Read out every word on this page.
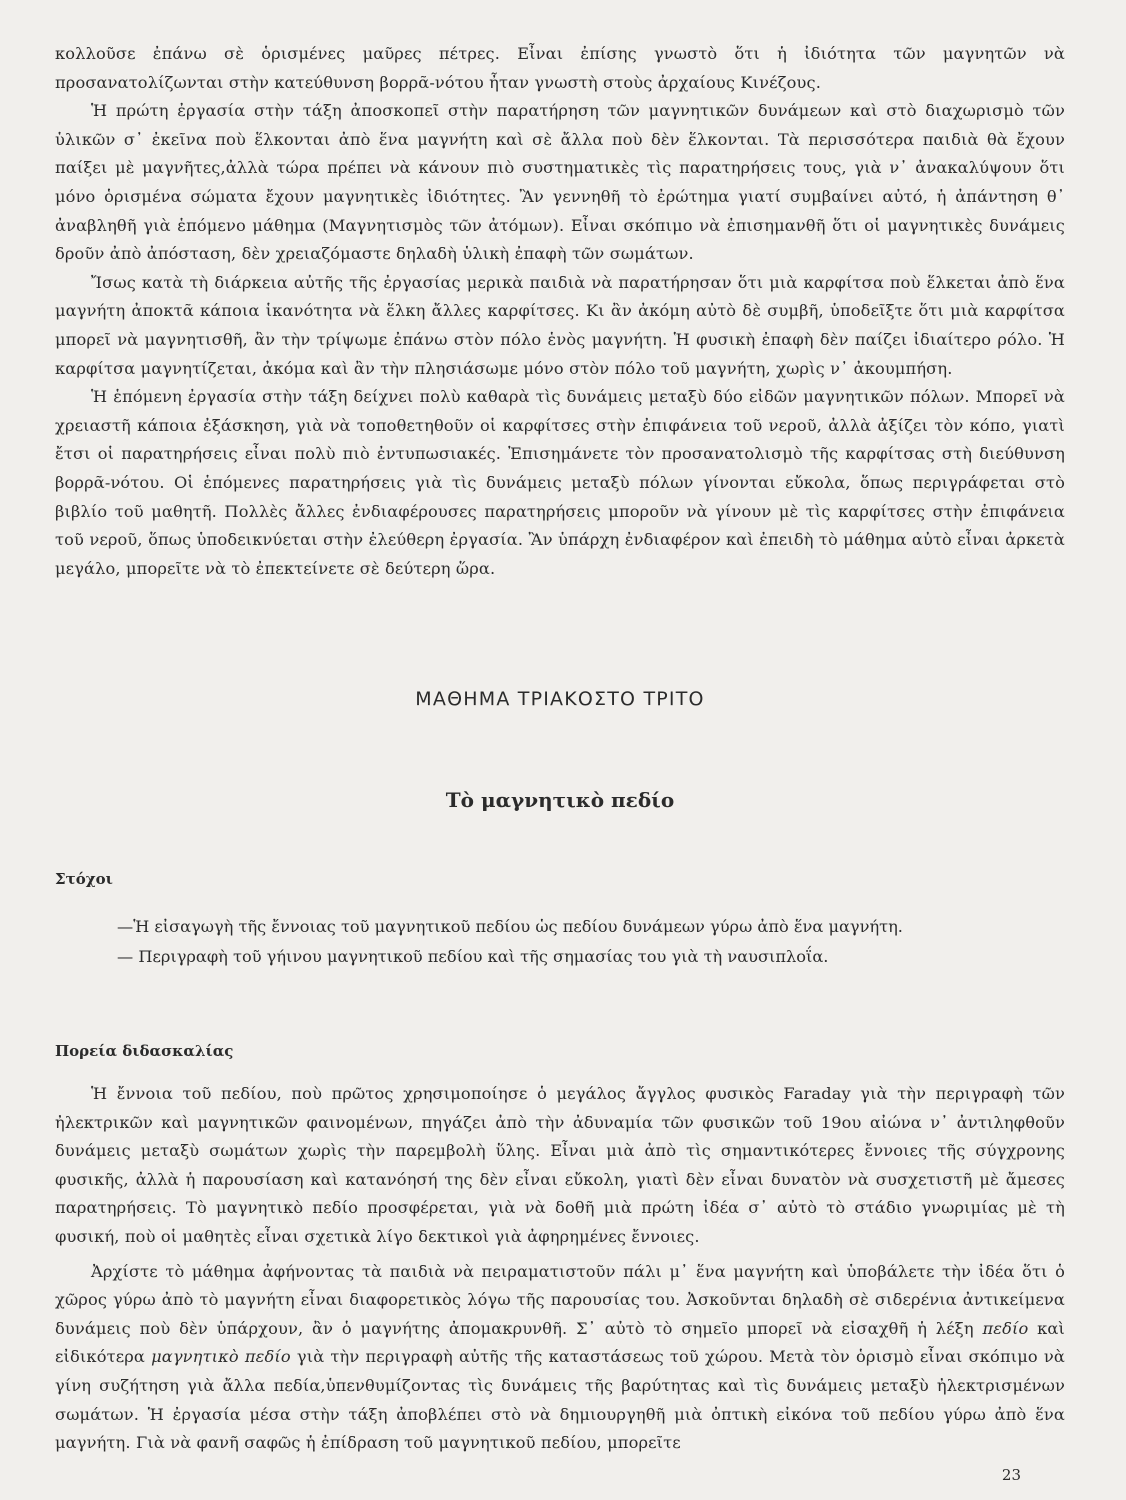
κολλοῦσε ἐπάνω σὲ ὁρισμένες μαῦρες πέτρες. Εἶναι ἐπίσης γνωστὸ ὅτι ἡ ἰδιότητα τῶν μαγνητῶν νὰ προσανατολίζωνται στὴν κατεύθυνση βορρᾶ-νότου ἦταν γνωστὴ στοὺς ἀρχαίους Κινέζους.

Ἡ πρώτη ἐργασία στὴν τάξη ἀποσκοπεῖ στὴν παρατήρηση τῶν μαγνητικῶν δυνάμεων καὶ στὸ διαχωρισμὸ τῶν ὑλικῶν σ᾽ ἐκεῖνα ποὺ ἕλκονται ἀπὸ ἕνα μαγνήτη καὶ σὲ ἄλλα ποὺ δὲν ἕλκονται. Τὰ περισσότερα παιδιὰ θὰ ἔχουν παίξει μὲ μαγνῆτες,ἀλλὰ τώρα πρέπει νὰ κάνουν πιὸ συστηματικὲς τὶς παρατηρήσεις τους, γιὰ ν᾽ ἀνακαλύψουν ὅτι μόνο ὁρισμένα σώματα ἔχουν μαγνητικὲς ἰδιότητες. Ἂν γεννηθῆ τὸ ἐρώτημα γιατί συμβαίνει αὐτό, ἡ ἀπάντηση θ᾽ ἀναβληθῆ γιὰ ἑπόμενο μάθημα (Μαγνητισμὸς τῶν ἀτόμων). Εἶναι σκόπιμο νὰ ἐπισημανθῆ ὅτι οἱ μαγνητικὲς δυνάμεις δροῦν ἀπὸ ἀπόσταση, δὲν χρειαζόμαστε δηλαδὴ ὑλικὴ ἐπαφὴ τῶν σωμάτων.

Ἴσως κατὰ τὴ διάρκεια αὐτῆς τῆς ἐργασίας μερικὰ παιδιὰ νὰ παρατήρησαν ὅτι μιὰ καρφίτσα ποὺ ἕλκεται ἀπὸ ἕνα μαγνήτη ἀποκτᾶ κάποια ἱκανότητα νὰ ἕλκη ἄλλες καρφίτσες. Κι ἂν ἀκόμη αὐτὸ δὲ συμβῆ, ὑποδεῖξτε ὅτι μιὰ καρφίτσα μπορεῖ νὰ μαγνητισθῆ, ἂν τὴν τρίψωμε ἐπάνω στὸν πόλο ἑνὸς μαγνήτη. Ἡ φυσικὴ ἐπαφὴ δὲν παίζει ἰδιαίτερο ρόλο. Ἡ καρφίτσα μαγνητίζεται, ἀκόμα καὶ ἂν τὴν πλησιάσωμε μόνο στὸν πόλο τοῦ μαγνήτη, χωρὶς ν᾽ ἀκουμπήση.

Ἡ ἑπόμενη ἐργασία στὴν τάξη δείχνει πολὺ καθαρὰ τὶς δυνάμεις μεταξὺ δύο εἰδῶν μαγνητικῶν πόλων. Μπορεῖ νὰ χρειαστῆ κάποια ἐξάσκηση, γιὰ νὰ τοποθετηθοῦν οἱ καρφίτσες στὴν ἐπιφάνεια τοῦ νεροῦ, ἀλλὰ ἀξίζει τὸν κόπο, γιατὶ ἔτσι οἱ παρατηρήσεις εἶναι πολὺ πιὸ ἐντυπωσιακές. Ἐπισημάνετε τὸν προσανατολισμὸ τῆς καρφίτσας στὴ διεύθυνση βορρᾶ-νότου. Οἱ ἑπόμενες παρατηρήσεις γιὰ τὶς δυνάμεις μεταξὺ πόλων γίνονται εὔκολα, ὅπως περιγράφεται στὸ βιβλίο τοῦ μαθητῆ. Πολλὲς ἄλλες ἐνδιαφέρουσες παρατηρήσεις μποροῦν νὰ γίνουν μὲ τὶς καρφίτσες στὴν ἐπιφάνεια τοῦ νεροῦ, ὅπως ὑποδεικνύεται στὴν ἐλεύθερη ἐργασία. Ἂν ὑπάρχη ἐνδιαφέρον καὶ ἐπειδὴ τὸ μάθημα αὐτὸ εἶναι ἀρκετὰ μεγάλο, μπορεῖτε νὰ τὸ ἐπεκτείνετε σὲ δεύτερη ὥρα.

ΜΑΘΗΜΑ ΤΡΙΑΚΟΣΤΟ ΤΡΙΤΟ
Τὸ μαγνητικὸ πεδίο
Στόχοι
—Ἡ εἰσαγωγὴ τῆς ἔννοιας τοῦ μαγνητικοῦ πεδίου ὡς πεδίου δυνάμεων γύρω ἀπὸ ἕνα μαγνήτη.
— Περιγραφὴ τοῦ γήινου μαγνητικοῦ πεδίου καὶ τῆς σημασίας του γιὰ τὴ ναυσιπλοΐα.
Πορεία διδασκαλίας

Ἡ ἔννοια τοῦ πεδίου, ποὺ πρῶτος χρησιμοποίησε ὁ μεγάλος ἄγγλος φυσικὸς Faraday γιὰ τὴν περιγραφὴ τῶν ἠλεκτρικῶν καὶ μαγνητικῶν φαινομένων, πηγάζει ἀπὸ τὴν ἀδυναμία τῶν φυσικῶν τοῦ 19ου αἰώνα ν᾽ ἀντιληφθοῦν δυνάμεις μεταξὺ σωμάτων χωρὶς τὴν παρεμβολὴ ὕλης. Εἶναι μιὰ ἀπὸ τὶς σημαντικότερες ἔννοιες τῆς σύγχρονης φυσικῆς, ἀλλὰ ἡ παρουσίαση καὶ κατανόησή της δὲν εἶναι εὔκολη, γιατὶ δὲν εἶναι δυνατὸν νὰ συσχετιστῆ μὲ ἄμεσες παρατηρήσεις. Τὸ μαγνητικὸ πεδίο προσφέρεται, γιὰ νὰ δοθῆ μιὰ πρώτη ἰδέα σ᾽ αὐτὸ τὸ στάδιο γνωριμίας μὲ τὴ φυσική, ποὺ οἱ μαθητὲς εἶναι σχετικὰ λίγο δεκτικοὶ γιὰ ἀφηρημένες ἔννοιες.

Ἀρχίστε τὸ μάθημα ἀφήνοντας τὰ παιδιὰ νὰ πειραματιστοῦν πάλι μ᾽ ἕνα μαγνήτη καὶ ὑποβάλετε τὴν ἰδέα ὅτι ὁ χῶρος γύρω ἀπὸ τὸ μαγνήτη εἶναι διαφορετικὸς λόγω τῆς παρουσίας του. Ἀσκοῦνται δηλαδὴ σὲ σιδερένια ἀντικείμενα δυνάμεις ποὺ δὲν ὑπάρχουν, ἂν ὁ μαγνήτης ἀπομακρυνθῆ. Σ᾽ αὐτὸ τὸ σημεῖο μπορεῖ νὰ εἰσαχθῆ ἡ λέξη πεδίο καὶ εἰδικότερα μαγνητικὸ πεδίο γιὰ τὴν περιγραφὴ αὐτῆς τῆς καταστάσεως τοῦ χώρου. Μετὰ τὸν ὁρισμὸ εἶναι σκόπιμο νὰ γίνη συζήτηση γιὰ ἄλλα πεδία,ὑπενθυμίζοντας τὶς δυνάμεις τῆς βαρύτητας καὶ τὶς δυνάμεις μεταξὺ ἠλεκτρισμένων σωμάτων. Ἡ ἐργασία μέσα στὴν τάξη ἀποβλέπει στὸ νὰ δημιουργηθῆ μιὰ ὀπτικὴ εἰκόνα τοῦ πεδίου γύρω ἀπὸ ἕνα μαγνήτη. Γιὰ νὰ φανῆ σαφῶς ἡ ἐπίδραση τοῦ μαγνητικοῦ πεδίου, μπορεῖτε

23
